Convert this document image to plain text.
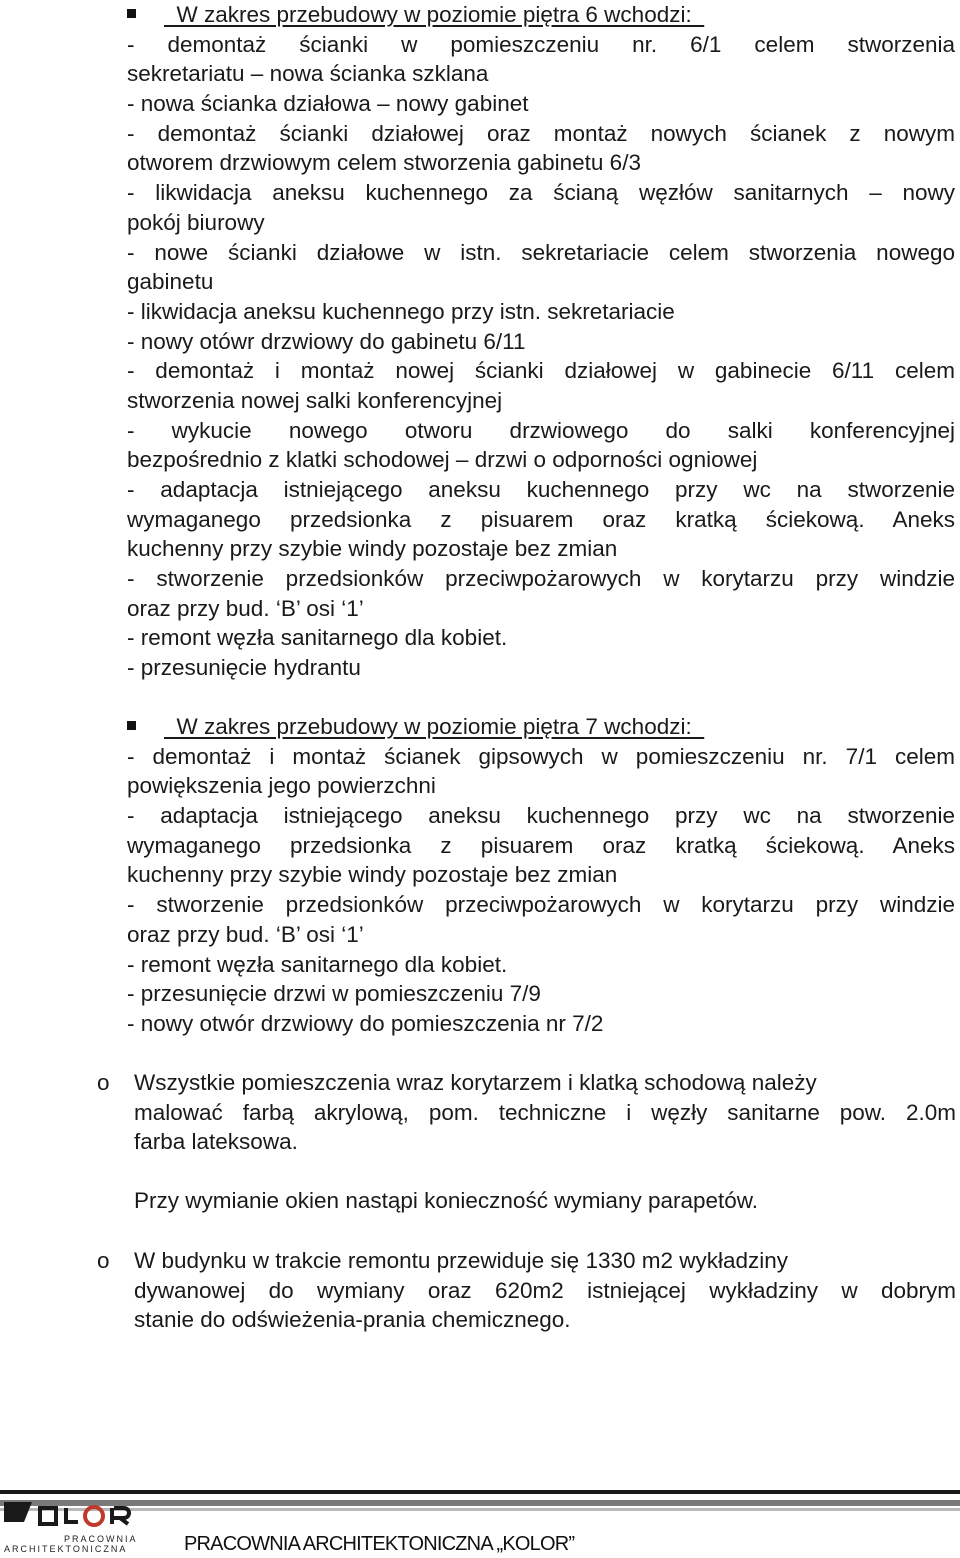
W zakres przebudowy w poziomie piętra 6 wchodzi:
- demontaż ścianki w pomieszczeniu nr. 6/1 celem stworzenia
sekretariatu – nowa ścianka szklana
- nowa ścianka działowa – nowy gabinet
- demontaż ścianki działowej oraz montaż nowych ścianek z nowym
otworem drzwiowym celem stworzenia gabinetu 6/3
- likwidacja aneksu kuchennego za ścianą węzłów sanitarnych – nowy
pokój biurowy
- nowe ścianki działowe w istn. sekretariacie celem stworzenia nowego
gabinetu
- likwidacja aneksu kuchennego przy istn. sekretariacie
- nowy otówr drzwiowy do gabinetu 6/11
- demontaż i montaż nowej ścianki działowej w gabinecie 6/11 celem
stworzenia nowej salki konferencyjnej
- wykucie nowego otworu drzwiowego do salki konferencyjnej
bezpośrednio z klatki schodowej – drzwi o odporności ogniowej
- adaptacja istniejącego aneksu kuchennego przy wc na stworzenie
wymaganego przedsionka z pisuarem oraz kratką ściekową. Aneks
kuchenny przy szybie windy pozostaje bez zmian
- stworzenie przedsionków przeciwpożarowych w korytarzu przy windzie
oraz przy bud. ‘B’ osi ‘1’
- remont węzła sanitarnego dla kobiet.
- przesunięcie hydrantu
W zakres przebudowy w poziomie piętra 7 wchodzi:
- demontaż i montaż ścianek gipsowych w pomieszczeniu nr. 7/1 celem
powiększenia jego powierzchni
- adaptacja istniejącego aneksu kuchennego przy wc na stworzenie
wymaganego przedsionka z pisuarem oraz kratką ściekową. Aneks
kuchenny przy szybie windy pozostaje bez zmian
- stworzenie przedsionków przeciwpożarowych w korytarzu przy windzie
oraz przy bud. ‘B’ osi ‘1’
- remont węzła sanitarnego dla kobiet.
- przesunięcie drzwi w pomieszczeniu 7/9
- nowy otwór drzwiowy do pomieszczenia nr 7/2
o Wszystkie pomieszczenia wraz korytarzem i klatką schodową należy
malować farbą akrylową, pom. techniczne i węzły sanitarne pow. 2.0m
farba lateksowa.
Przy wymianie okien nastąpi konieczność wymiany parapetów.
o W budynku w trakcie remontu przewiduje się 1330 m2 wykładziny
dywanowej do wymiany oraz 620m2 istniejącej wykładziny w dobrym
stanie do odświeżenia-prania chemicznego.
PRACOWNIA
ARCHITEKTONICZNA	PRACOWNIA ARCHITEKTONICZNA „KOLOR”
